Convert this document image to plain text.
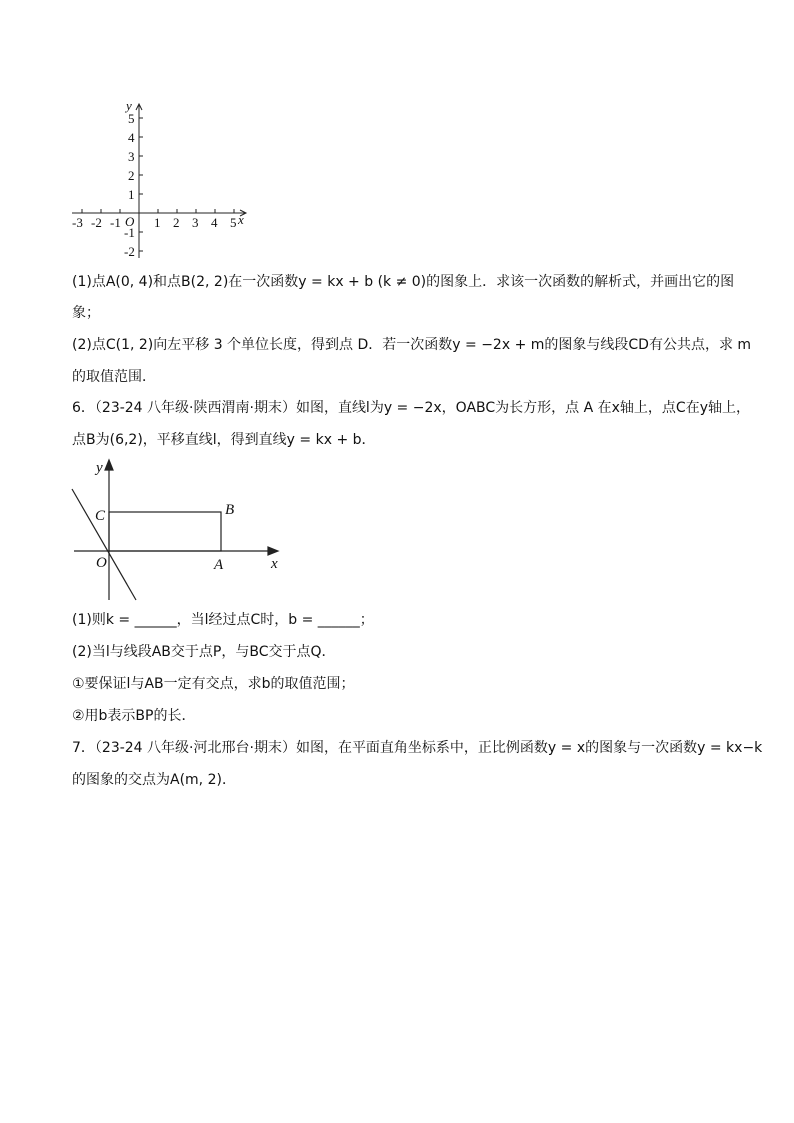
y
x
O
5
4
3
2
1
-1
-2
-3 -2 -1	1 2 3 4 5
(1)点A(0, 4)和点B(2, 2)在一次函数y = kx + b (k ≠ 0)的图象上．求该一次函数的解析式，并画出它的图
象；
(2)点C(1, 2)向左平移 3 个单位长度，得到点 D．若一次函数y = −2x + m的图象与线段CD有公共点，求 m
的取值范围．
6．（23-24 八年级·陕西渭南·期末）如图，直线l为y = −2x，OABC为长方形，点 A 在x轴上，点C在y轴上，
点B为(6,2)，平移直线l，得到直线y = kx + b．
y
x
O	A
B
C
(1)则k = ______，当l经过点C时，b = ______；
(2)当l与线段AB交于点P，与BC交于点Q．
①要保证l与AB一定有交点，求b的取值范围；
②用b表示BP的长．
7．（23-24 八年级·河北邢台·期末）如图，在平面直角坐标系中，正比例函数y = x的图象与一次函数y = kx−k
的图象的交点为A(m, 2)．
